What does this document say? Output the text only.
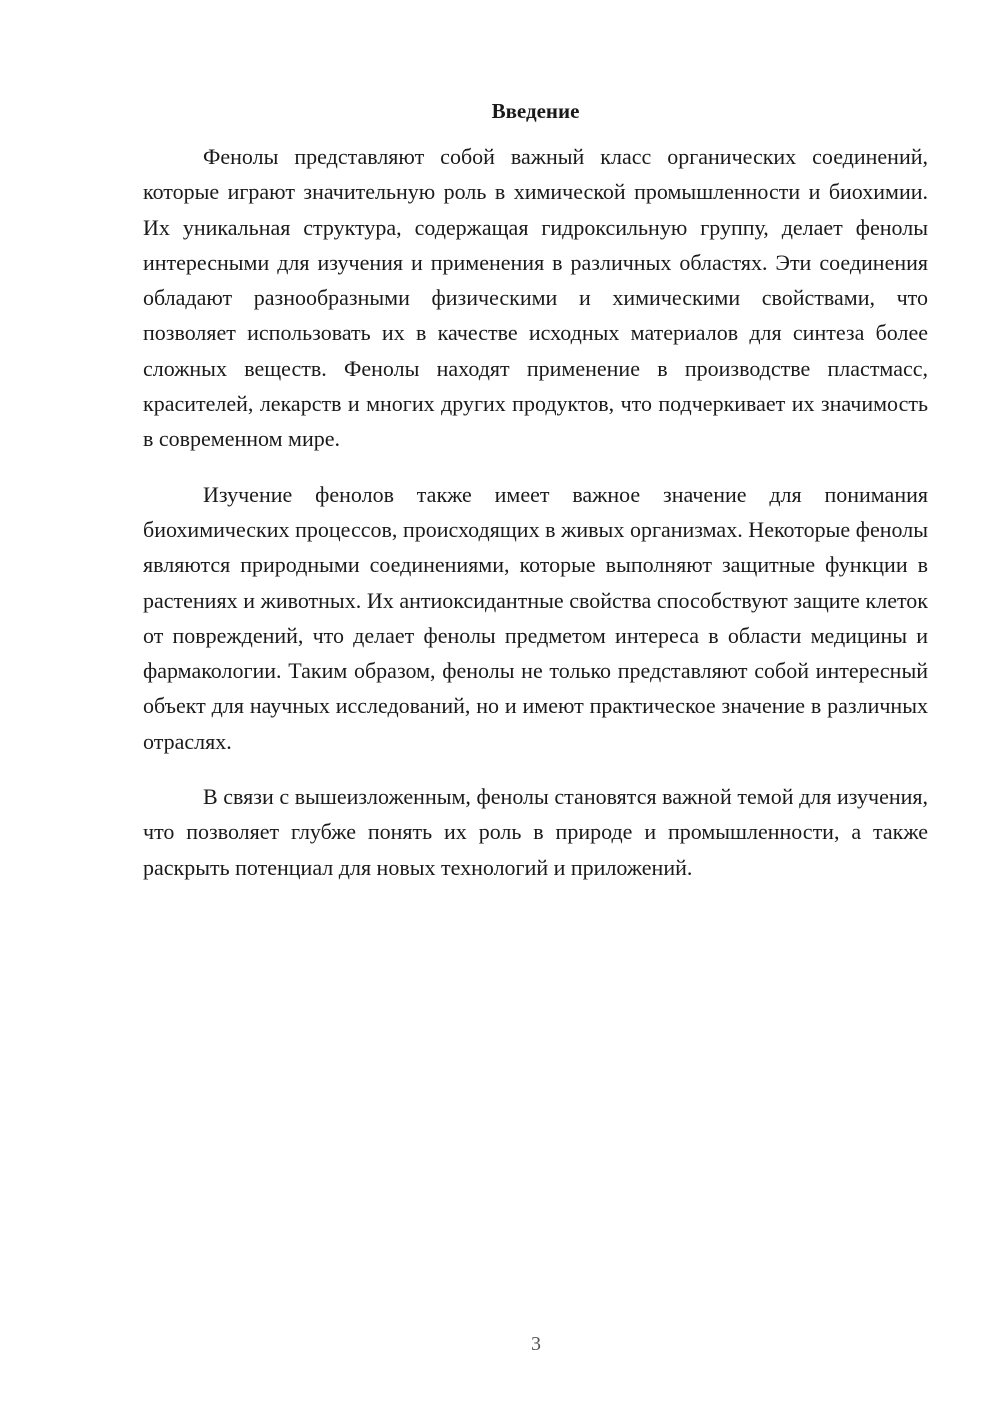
Введение

Фенолы представляют собой важный класс органических соединений, которые играют значительную роль в химической промышленности и биохимии. Их уникальная структура, содержащая гидроксильную группу, делает фенолы интересными для изучения и применения в различных областях. Эти соединения обладают разнообразными физическими и химическими свойствами, что позволяет использовать их в качестве исходных материалов для синтеза более сложных веществ. Фенолы находят применение в производстве пластмасс, красителей, лекарств и многих других продуктов, что подчеркивает их значимость в современном мире.

Изучение фенолов также имеет важное значение для понимания биохимических процессов, происходящих в живых организмах. Некоторые фенолы являются природными соединениями, которые выполняют защитные функции в растениях и животных. Их антиоксидантные свойства способствуют защите клеток от повреждений, что делает фенолы предметом интереса в области медицины и фармакологии. Таким образом, фенолы не только представляют собой интересный объект для научных исследований, но и имеют практическое значение в различных отраслях.

В связи с вышеизложенным, фенолы становятся важной темой для изучения, что позволяет глубже понять их роль в природе и промышленности, а также раскрыть потенциал для новых технологий и приложений.

3
